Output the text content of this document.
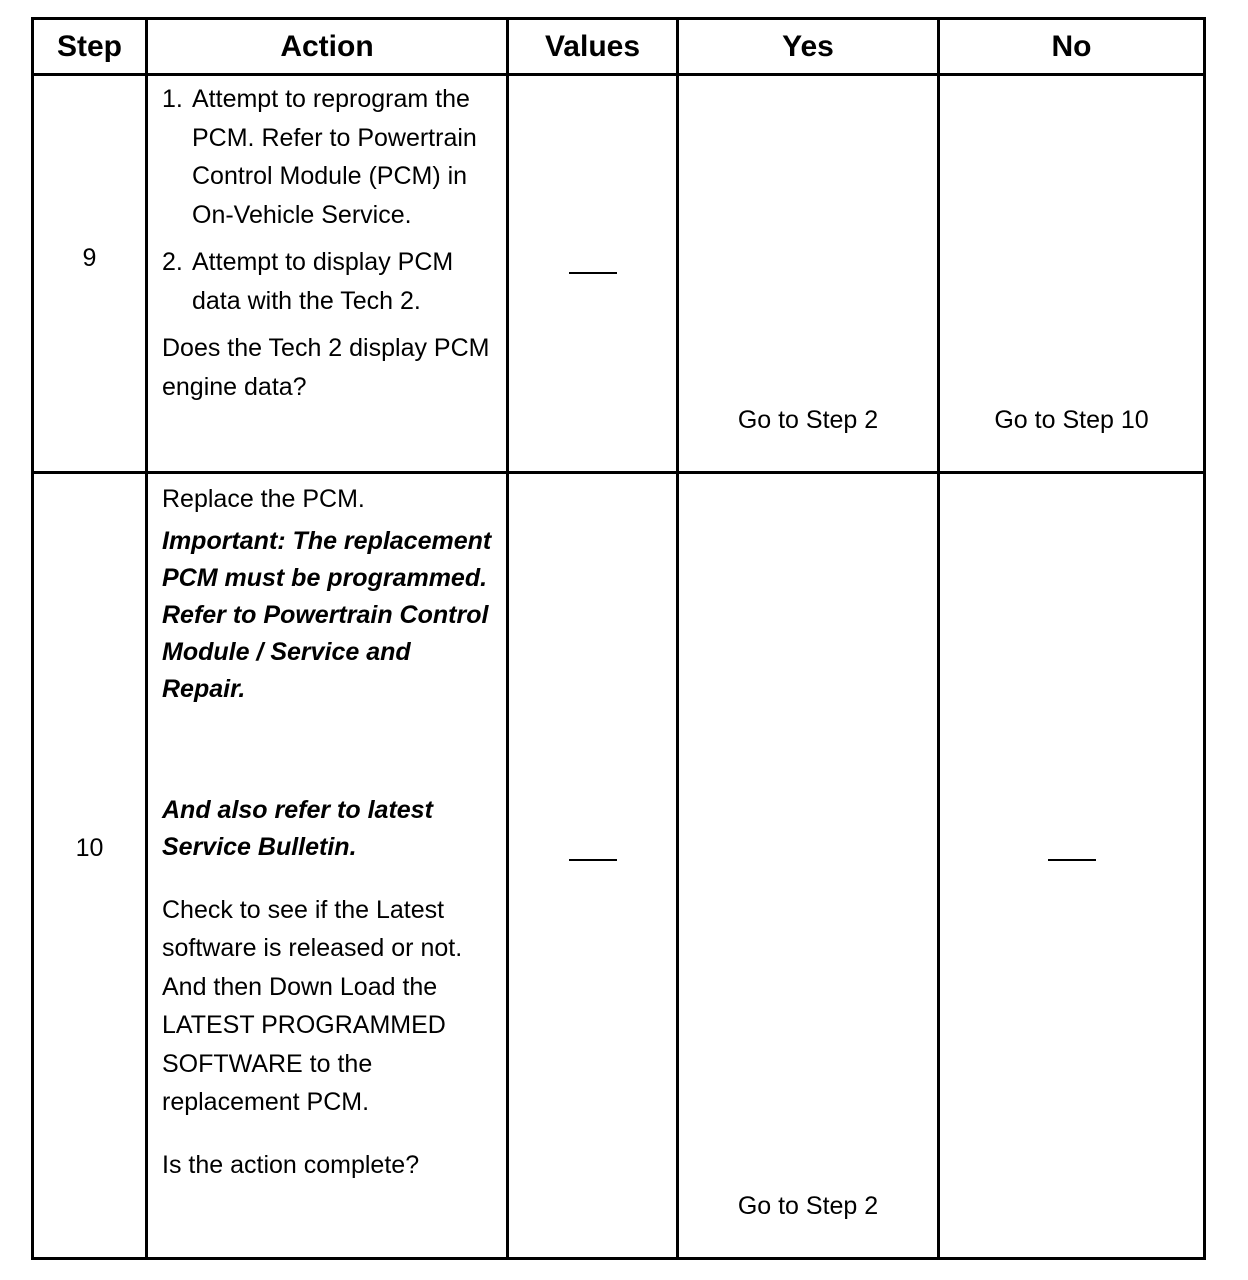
Step	Action	Values	Yes	No

9	1. Attempt to reprogram the PCM. Refer to Powertrain Control Module (PCM) in On-Vehicle Service.

2. Attempt to display PCM data with the Tech 2.

Does the Tech 2 display PCM engine data?		Go to Step 2	Go to Step 10

10	Replace the PCM.

Important: The replacement PCM must be programmed. Refer to Powertrain Control Module / Service and Repair.

And also refer to latest Service Bulletin.

Check to see if the Latest software is released or not. And then Down Load the LATEST PROGRAMMED SOFTWARE to the replacement PCM.

Is the action complete?		Go to Step 2	
